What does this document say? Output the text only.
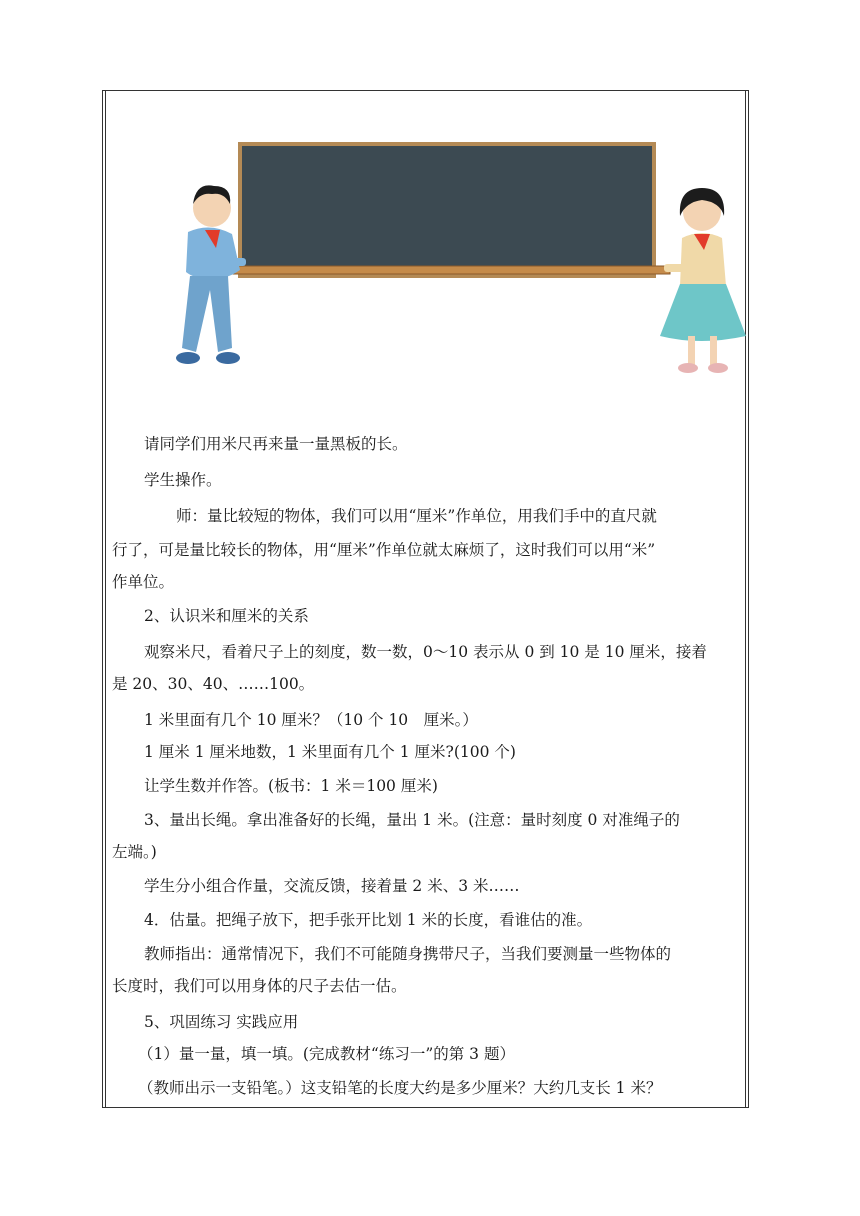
请同学们用米尺再来量一量黑板的长。
学生操作。
师：量比较短的物体，我们可以用“厘米”作单位，用我们手中的直尺就
行了，可是量比较长的物体，用“厘米”作单位就太麻烦了，这时我们可以用“米”
作单位。
2、认识米和厘米的关系
观察米尺，看着尺子上的刻度，数一数，0～10 表示从 0 到 10 是 10 厘米，接着
是 20、30、40、……100。
1 米里面有几个 10 厘米？（10 个 10　厘米。）
1 厘米 1 厘米地数，1 米里面有几个 1 厘米?(100 个)
让学生数并作答。(板书：1 米＝100 厘米)
3、量出长绳。拿出准备好的长绳，量出 1 米。(注意：量时刻度 0 对准绳子的
左端。)
学生分小组合作量，交流反馈，接着量 2 米、3 米……
4．估量。把绳子放下，把手张开比划 1 米的长度，看谁估的准。
教师指出：通常情况下，我们不可能随身携带尺子，当我们要测量一些物体的
长度时，我们可以用身体的尺子去估一估。
5、巩固练习 实践应用
（1）量一量，填一填。(完成教材“练习一”的第 3 题）
（教师出示一支铅笔。）这支铅笔的长度大约是多少厘米？大约几支长 1 米？
